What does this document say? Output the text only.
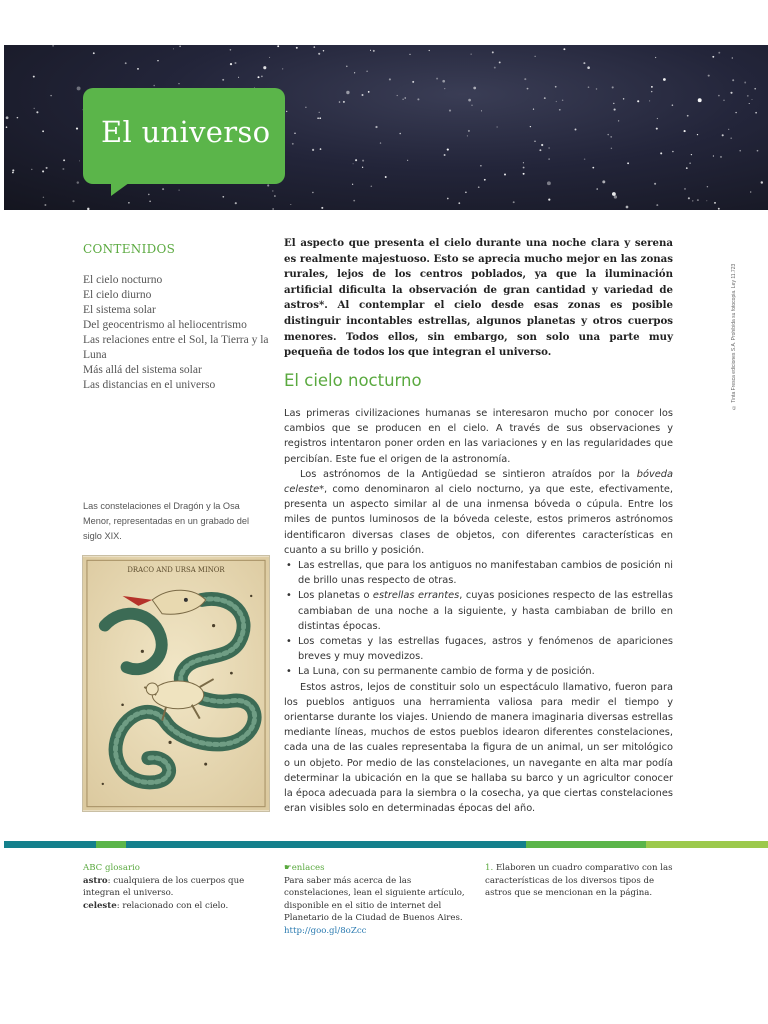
El universo
© Tinta Fresca ediciones S.A. Prohibida su fotocopia. Ley 11.723
CONTENIDOS
El cielo nocturno
El cielo diurno
El sistema solar
Del geocentrismo al heliocentrismo
Las relaciones entre el Sol, la Tierra y la Luna
Más allá del sistema solar
Las distancias en el universo
Las constelaciones el Dragón y la Osa Menor, representadas en un grabado del siglo XIX.
DRACO AND URSA MINOR

El aspecto que presenta el cielo durante una noche clara y serena es realmente majestuoso. Esto se aprecia mucho mejor en las zonas rurales, lejos de los centros poblados, ya que la iluminación artificial dificulta la observación de gran cantidad y variedad de astros*. Al contemplar el cielo desde esas zonas es posible distinguir incontables estrellas, algunos planetas y otros cuerpos menores. Todos ellos, sin embargo, son solo una parte muy pequeña de todos los que integran el universo.

El cielo nocturno

Las primeras civilizaciones humanas se interesaron mucho por conocer los cambios que se producen en el cielo. A través de sus observaciones y registros intentaron poner orden en las variaciones y en las regularidades que percibían. Este fue el origen de la astronomía.

Los astrónomos de la Antigüedad se sintieron atraídos por la bóveda celeste*, como denominaron al cielo nocturno, ya que este, efectivamente, presenta un aspecto similar al de una inmensa bóveda o cúpula. Entre los miles de puntos luminosos de la bóveda celeste, estos primeros astrónomos identificaron diversas clases de objetos, con diferentes características en cuanto a su brillo y posición.

• Las estrellas, que para los antiguos no manifestaban cambios de posición ni de brillo unas respecto de otras.
• Los planetas o estrellas errantes, cuyas posiciones respecto de las estrellas cambiaban de una noche a la siguiente, y hasta cambiaban de brillo en distintas épocas.
• Los cometas y las estrellas fugaces, astros y fenómenos de apariciones breves y muy movedizos.
• La Luna, con su permanente cambio de forma y de posición.

Estos astros, lejos de constituir solo un espectáculo llamativo, fueron para los pueblos antiguos una herramienta valiosa para medir el tiempo y orientarse durante los viajes. Uniendo de manera imaginaria diversas estrellas mediante líneas, muchos de estos pueblos idearon diferentes constelaciones, cada una de las cuales representaba la figura de un animal, un ser mitológico o un objeto. Por medio de las constelaciones, un navegante en alta mar podía determinar la ubicación en la que se hallaba su barco y un agricultor conocer la época adecuada para la siembra o la cosecha, ya que ciertas constelaciones eran visibles solo en determinadas épocas del año.

ABC glosario
astro: cualquiera de los cuerpos que integran el universo.
celeste: relacionado con el cielo.
☛enlaces
Para saber más acerca de las constelaciones, lean el siguiente artículo, disponible en el sitio de internet del Planetario de la Ciudad de Buenos Aires.
http://goo.gl/8oZcc
1. Elaboren un cuadro comparativo con las características de los diversos tipos de astros que se mencionan en la página.
